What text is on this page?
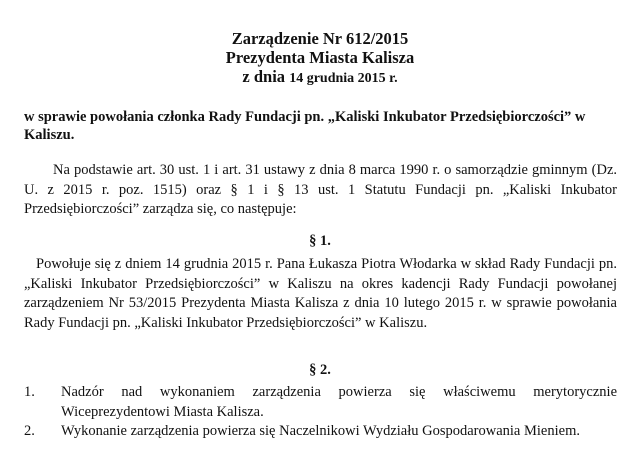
Zarządzenie Nr 612/2015
Prezydenta Miasta Kalisza
z dnia 14 grudnia 2015 r.
w sprawie powołania członka Rady Fundacji pn. „Kaliski Inkubator Przedsiębiorczości” w Kaliszu.
Na podstawie art. 30 ust. 1 i art. 31 ustawy z dnia 8 marca 1990 r. o samorządzie gminnym (Dz. U. z 2015 r. poz. 1515) oraz § 1 i § 13 ust. 1 Statutu Fundacji pn. „Kaliski Inkubator Przedsiębiorczości” zarządza się, co następuje:
§ 1.
Powołuje się z dniem 14 grudnia 2015 r. Pana Łukasza Piotra Włodarka w skład Rady Fundacji pn. „Kaliski Inkubator Przedsiębiorczości” w Kaliszu na okres kadencji Rady Fundacji powołanej zarządzeniem Nr 53/2015 Prezydenta Miasta Kalisza z dnia 10 lutego 2015 r. w sprawie powołania Rady Fundacji pn. „Kaliski Inkubator Przedsiębiorczości” w Kaliszu.
§ 2.
1. Nadzór nad wykonaniem zarządzenia powierza się właściwemu merytorycznie Wiceprezydentowi Miasta Kalisza.
2. Wykonanie zarządzenia powierza się Naczelnikowi Wydziału Gospodarowania Mieniem.
